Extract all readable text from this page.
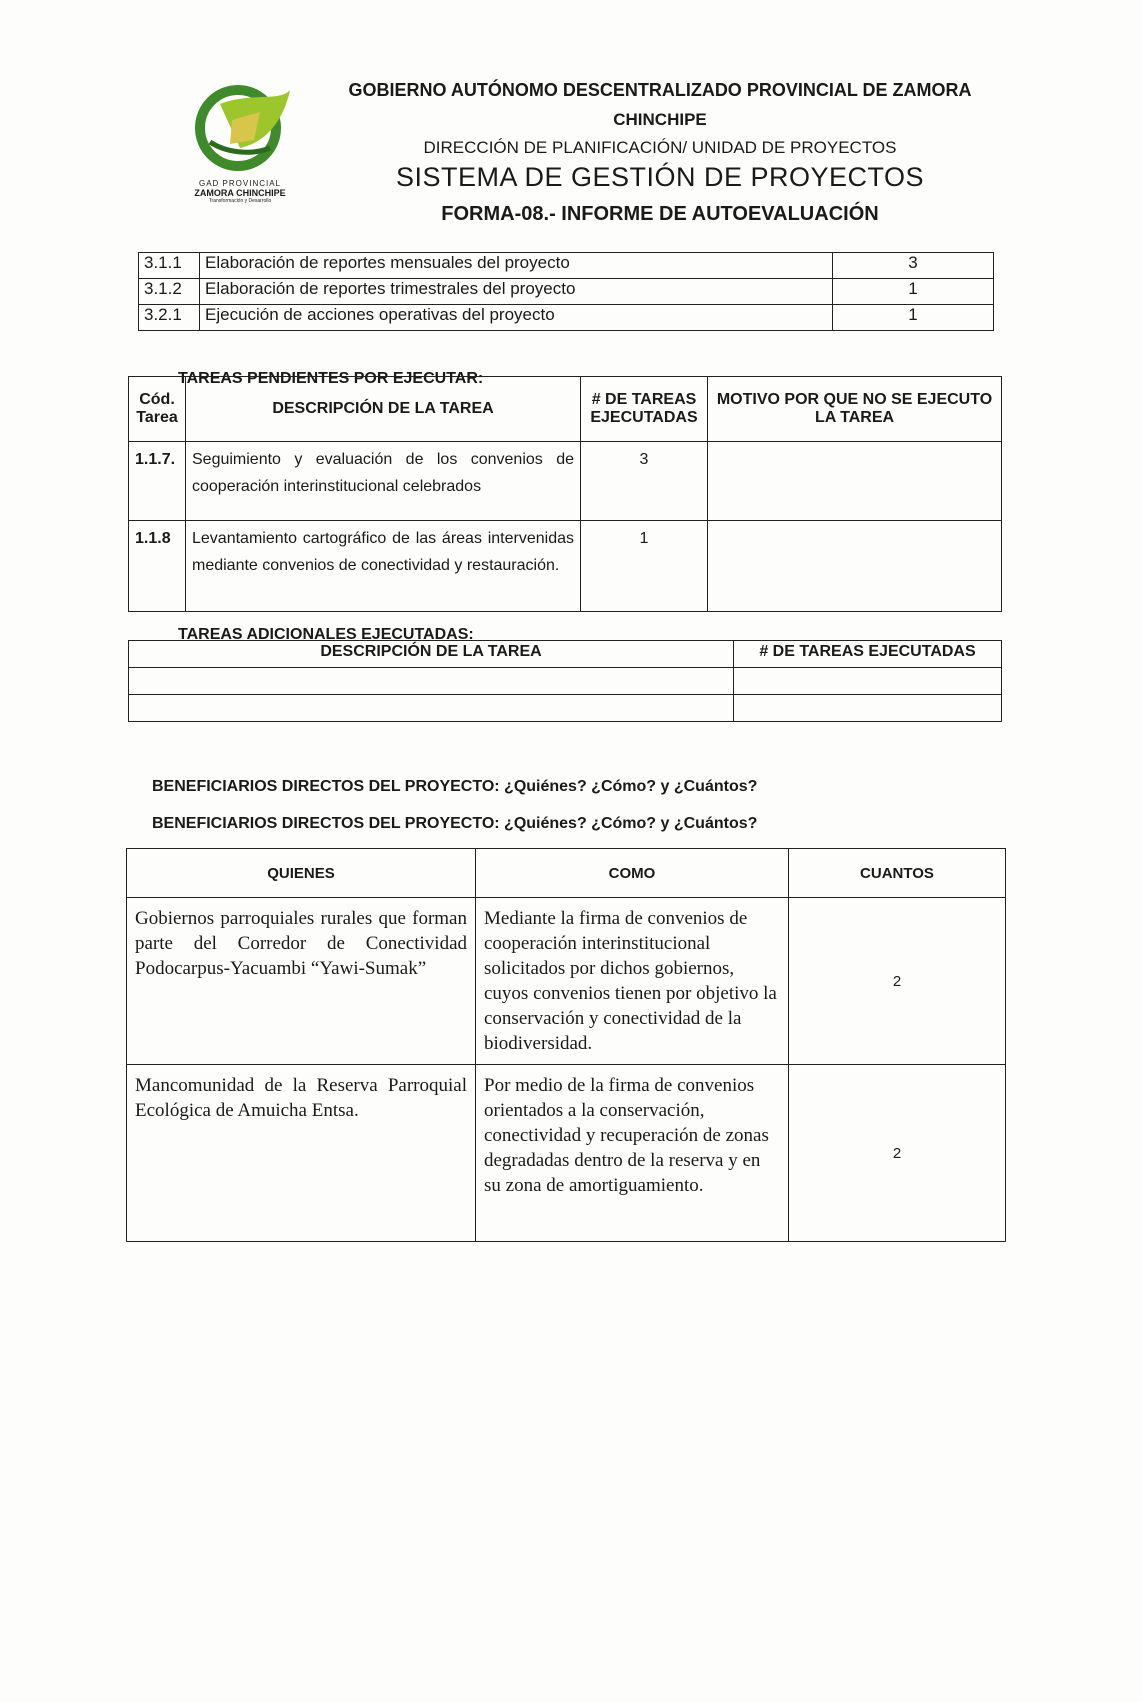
GAD PROVINCIAL
ZAMORA CHINCHIPE
Transformación y Desarrollo
GOBIERNO AUTÓNOMO DESCENTRALIZADO PROVINCIAL DE ZAMORA
CHINCHIPE
DIRECCIÓN DE PLANIFICACIÓN/ UNIDAD DE PROYECTOS
SISTEMA DE GESTIÓN DE PROYECTOS
FORMA-08.- INFORME DE AUTOEVALUACIÓN
3.1.1	Elaboración de reportes mensuales del proyecto	3
3.1.2	Elaboración de reportes trimestrales del proyecto	1
3.2.1	Ejecución de acciones operativas del proyecto	1
TAREAS PENDIENTES POR EJECUTAR:
Cód. Tarea	DESCRIPCIÓN DE LA TAREA	# DE TAREAS EJECUTADAS	MOTIVO POR QUE NO SE EJECUTO LA TAREA
1.1.7.	Seguimiento y evaluación de los convenios de cooperación interinstitucional celebrados	3	
1.1.8	Levantamiento cartográfico de las áreas intervenidas mediante convenios de conectividad y restauración.	1	
TAREAS ADICIONALES EJECUTADAS:
DESCRIPCIÓN DE LA TAREA	# DE TAREAS EJECUTADAS

BENEFICIARIOS DIRECTOS DEL PROYECTO: ¿Quiénes? ¿Cómo? y ¿Cuántos?
BENEFICIARIOS DIRECTOS DEL PROYECTO: ¿Quiénes? ¿Cómo? y ¿Cuántos?
QUIENES	COMO	CUANTOS
Gobiernos parroquiales rurales que forman parte del Corredor de Conectividad Podocarpus-Yacuambi “Yawi-Sumak”	Mediante la firma de convenios de cooperación interinstitucional solicitados por dichos gobiernos, cuyos convenios tienen por objetivo la conservación y conectividad de la biodiversidad.	2
Mancomunidad de la Reserva Parroquial Ecológica de Amuicha Entsa.	Por medio de la firma de convenios orientados a la conservación, conectividad y recuperación de zonas degradadas dentro de la reserva y en su zona de amortiguamiento.	2
